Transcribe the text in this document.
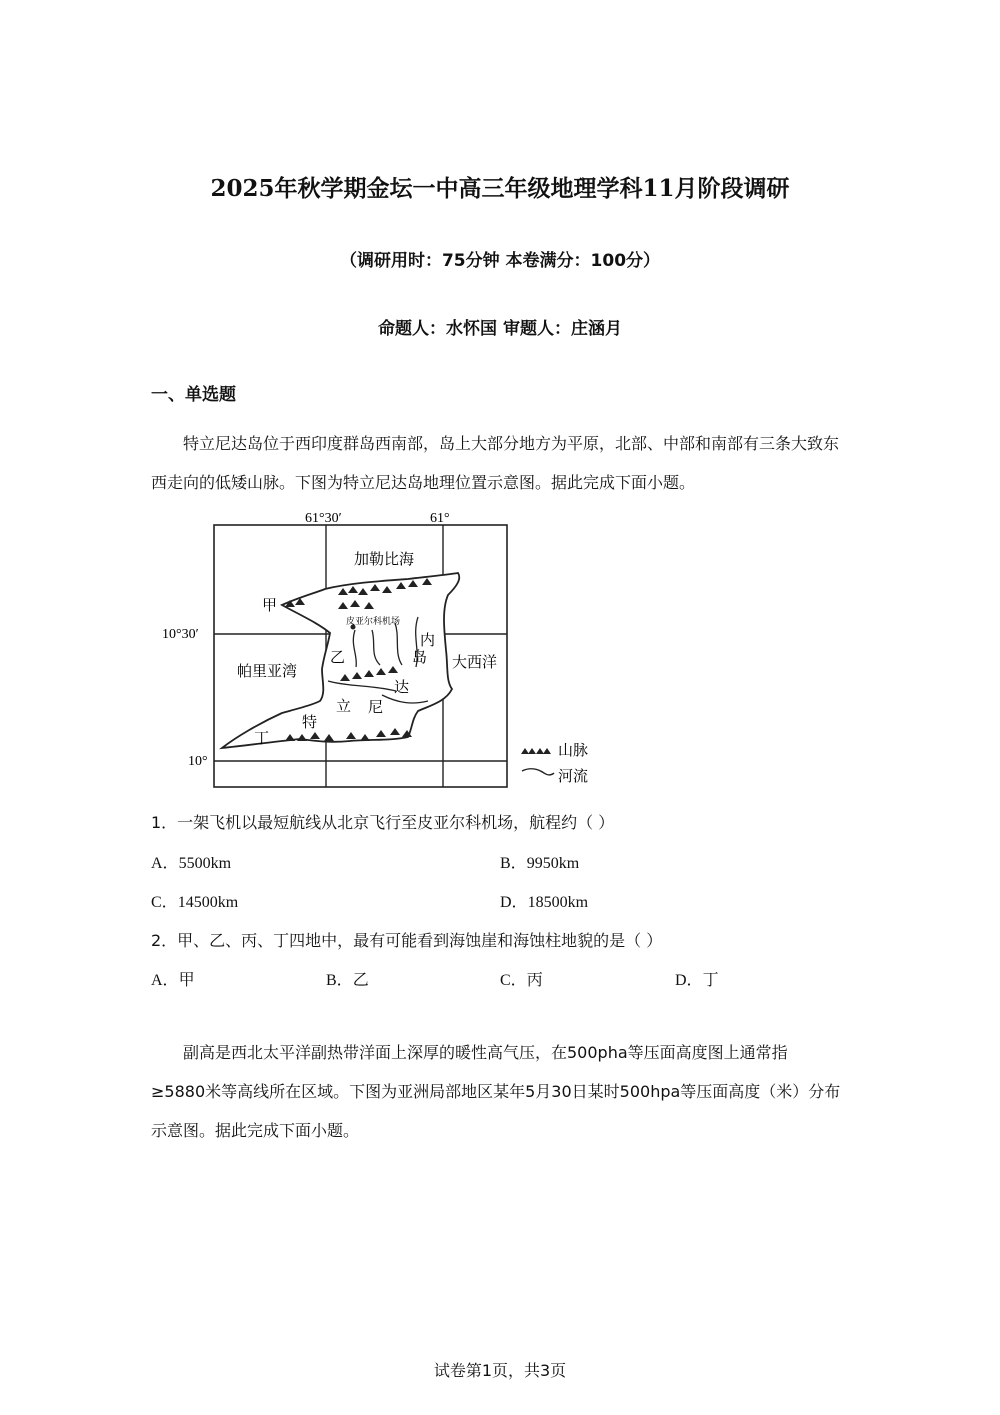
2025年秋学期金坛一中高三年级地理学科11月阶段调研
（调研用时：75分钟 本卷满分：100分）
命题人：水怀国 审题人：庄涵月
一、单选题

特立尼达岛位于西印度群岛西南部，岛上大部分地方为平原，北部、中部和南部有三条大致东西走向的低矮山脉。下图为特立尼达岛地理位置示意图。据此完成下面小题。

皮亚尔科机场
61°30′	61°
10°30′
10°
加勒比海
帕里亚湾
大西洋
甲
乙
丁
特
立 尼
达
岛
内
山脉
河流
1．一架飞机以最短航线从北京飞行至皮亚尔科机场，航程约（ ）
A．5500km	B．9950km
C．14500km	D．18500km
2．甲、乙、丙、丁四地中，最有可能看到海蚀崖和海蚀柱地貌的是（ ）
A．甲	B．乙	C．丙	D．丁

副高是西北太平洋副热带洋面上深厚的暖性高气压，在500pha等压面高度图上通常指≥5880米等高线所在区域。下图为亚洲局部地区某年5月30日某时500hpa等压面高度（米）分布示意图。据此完成下面小题。

试卷第1页，共3页
